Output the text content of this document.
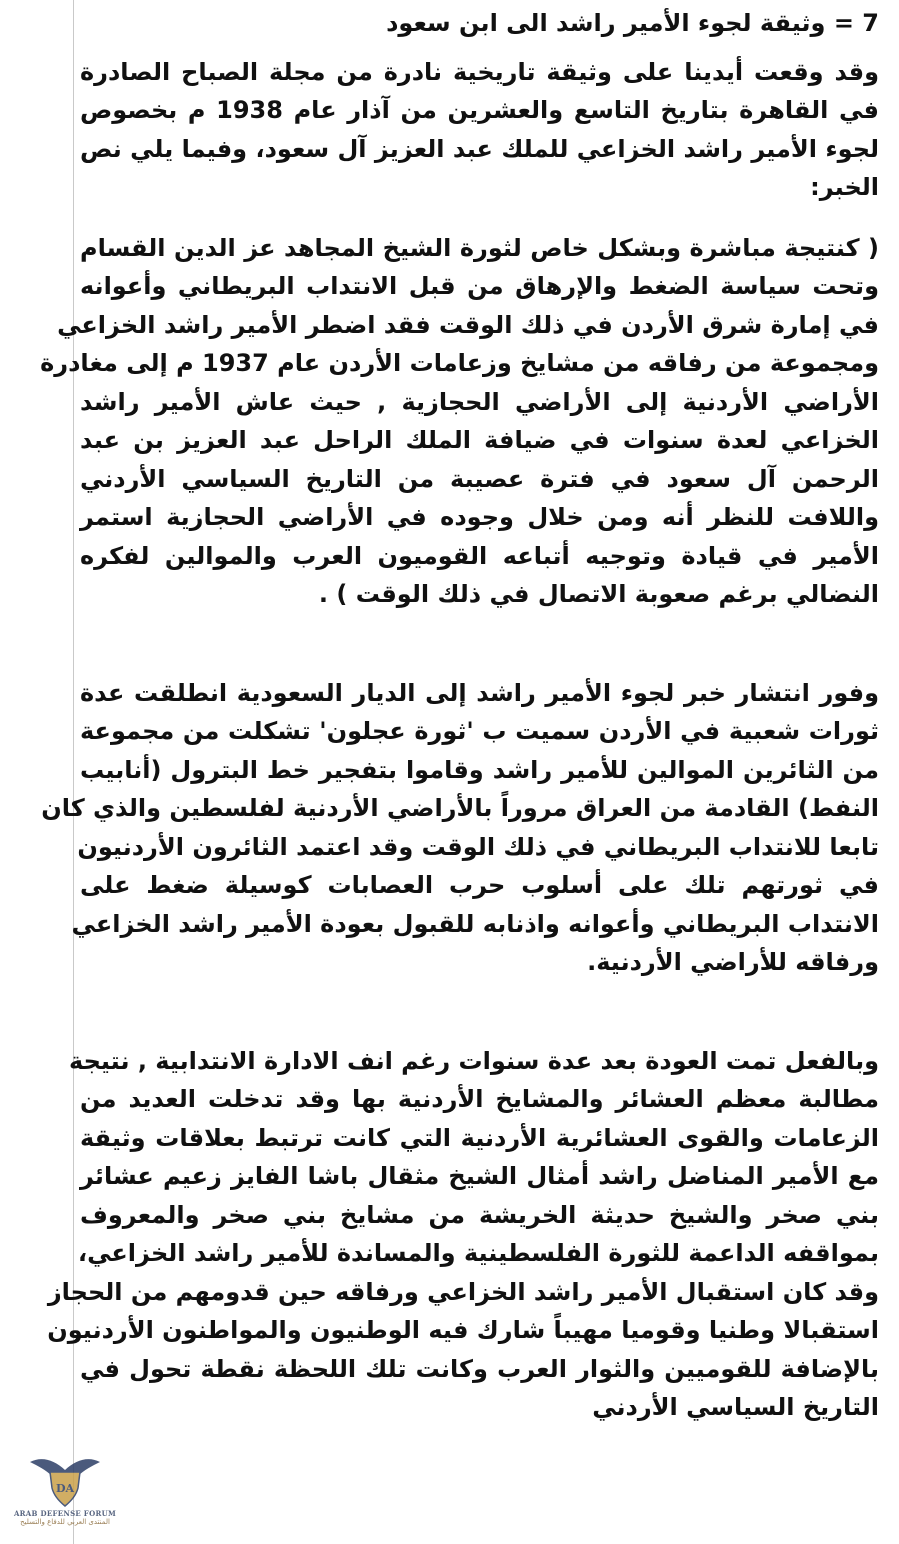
7 = وثيقة لجوء الأمير راشد الى ابن سعود
وقد وقعت أيدينا على وثيقة تاريخية نادرة من مجلة الصباح الصادرة
في القاهرة بتاريخ التاسع والعشرين من آذار عام 1938 م بخصوص
لجوء الأمير راشد الخزاعي للملك عبد العزيز آل سعود، وفيما يلي نص
الخبر:
( كنتيجة مباشرة وبشكل خاص لثورة الشيخ المجاهد عز الدين القسام
وتحت سياسة الضغط والإرهاق من قبل الانتداب البريطاني وأعوانه
في إمارة شرق الأردن في ذلك الوقت فقد اضطر الأمير راشد الخزاعي
ومجموعة من رفاقه من مشايخ وزعامات الأردن عام 1937 م إلى مغادرة
الأراضي الأردنية إلى الأراضي الحجازية , حيث عاش الأمير راشد
الخزاعي لعدة سنوات في ضيافة الملك الراحل عبد العزيز بن عبد
الرحمن آل سعود في فترة عصيبة من التاريخ السياسي الأردني
واللافت للنظر أنه ومن خلال وجوده في الأراضي الحجازية استمر
الأمير في قيادة وتوجيه أتباعه القوميون العرب والموالين لفكره
النضالي برغم صعوبة الاتصال في ذلك الوقت ) .
وفور انتشار خبر لجوء الأمير راشد إلى الديار السعودية انطلقت عدة
ثورات شعبية في الأردن سميت ب 'ثورة عجلون' تشكلت من مجموعة
من الثائرين الموالين للأمير راشد وقاموا بتفجير خط البترول (أنابيب
النفط) القادمة من العراق مروراً بالأراضي الأردنية لفلسطين والذي كان
تابعا للانتداب البريطاني في ذلك الوقت وقد اعتمد الثائرون الأردنيون
في ثورتهم تلك على أسلوب حرب العصابات كوسيلة ضغط على
الانتداب البريطاني وأعوانه واذنابه للقبول بعودة الأمير راشد الخزاعي
ورفاقه للأراضي الأردنية.
وبالفعل تمت العودة بعد عدة سنوات رغم انف الادارة الانتدابية , نتيجة
مطالبة معظم العشائر والمشايخ الأردنية بها وقد تدخلت العديد من
الزعامات والقوى العشائرية الأردنية التي كانت ترتبط بعلاقات وثيقة
مع الأمير المناضل راشد أمثال الشيخ مثقال باشا الفايز زعيم عشائر
بني صخر والشيخ حديثة الخريشة من مشايخ بني صخر والمعروف
بمواقفه الداعمة للثورة الفلسطينية والمساندة للأمير راشد الخزاعي،
وقد كان استقبال الأمير راشد الخزاعي ورفاقه حين قدومهم من الحجاز
استقبالا وطنيا وقوميا مهيباً شارك فيه الوطنيون والمواطنون الأردنيون
بالإضافة للقوميين والثوار العرب وكانت تلك اللحظة نقطة تحول في
التاريخ السياسي الأردني
DA
ARAB DEFENSE FORUM
المنتدى العربي للدفاع والتسليح
